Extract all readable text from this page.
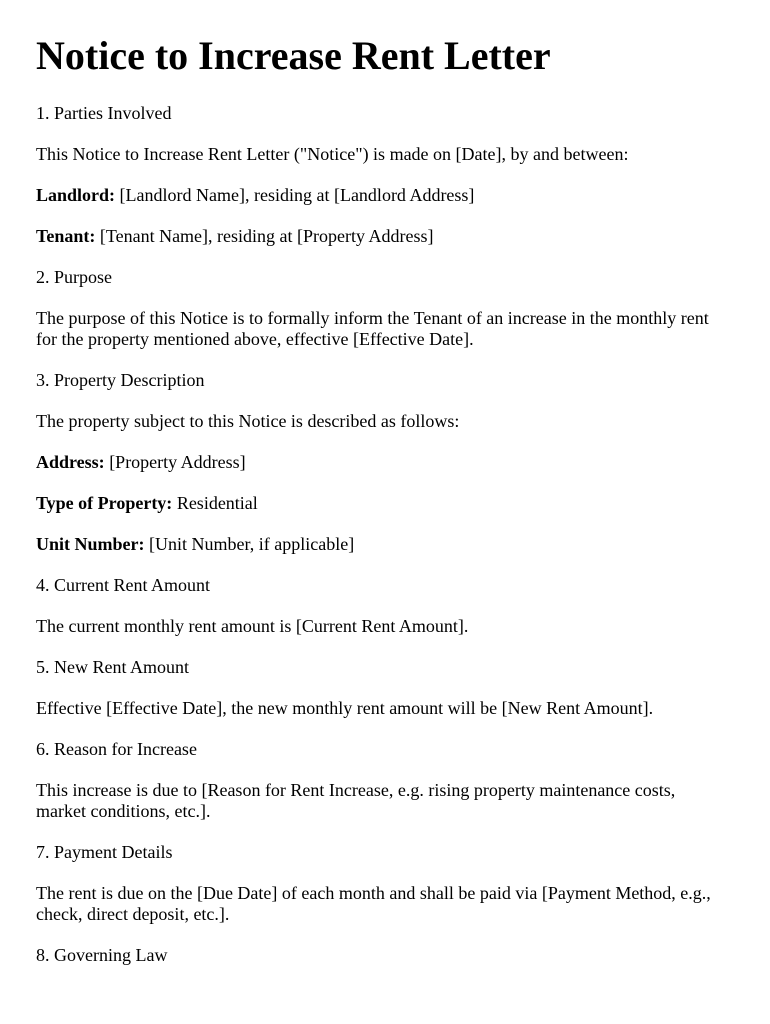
Notice to Increase Rent Letter

1. Parties Involved

This Notice to Increase Rent Letter ("Notice") is made on [Date], by and between:

Landlord: [Landlord Name], residing at [Landlord Address]

Tenant: [Tenant Name], residing at [Property Address]

2. Purpose

The purpose of this Notice is to formally inform the Tenant of an increase in the monthly rent for the property mentioned above, effective [Effective Date].

3. Property Description

The property subject to this Notice is described as follows:

Address: [Property Address]

Type of Property: Residential

Unit Number: [Unit Number, if applicable]

4. Current Rent Amount

The current monthly rent amount is [Current Rent Amount].

5. New Rent Amount

Effective [Effective Date], the new monthly rent amount will be [New Rent Amount].

6. Reason for Increase

This increase is due to [Reason for Rent Increase, e.g. rising property maintenance costs, market conditions, etc.].

7. Payment Details

The rent is due on the [Due Date] of each month and shall be paid via [Payment Method, e.g., check, direct deposit, etc.].

8. Governing Law
